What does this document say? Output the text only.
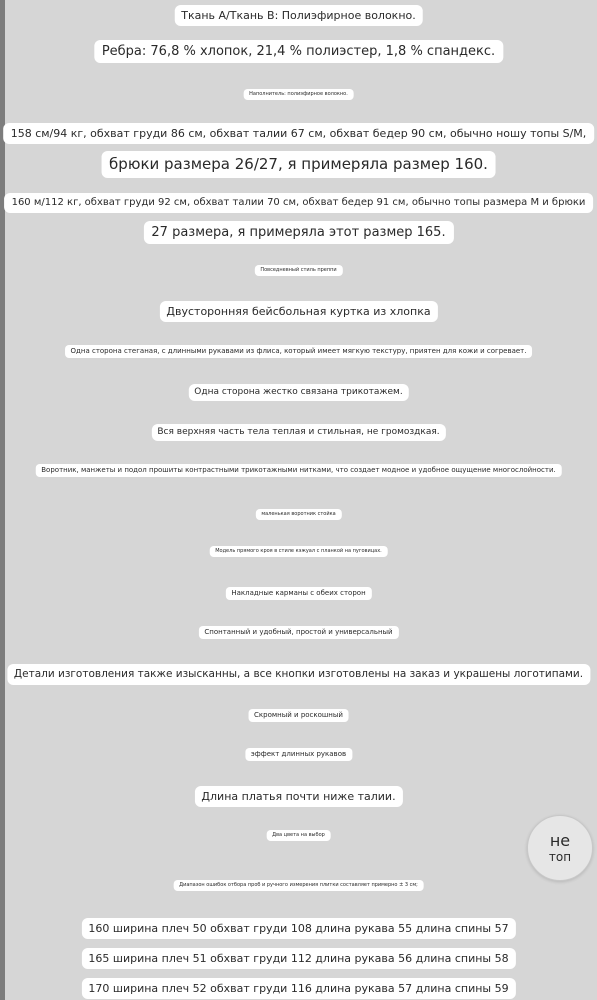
Ткань А/Ткань В: Полиэфирное волокно.
Ребра: 76,8 % хлопок, 21,4 % полиэстер, 1,8 % спандекс.
Наполнитель: полиэфирное волокно.
158 см/94 кг, обхват груди 86 см, обхват талии 67 см, обхват бедер 90 см, обычно ношу топы S/M,
брюки размера 26/27, я примеряла размер 160.
160 м/112 кг, обхват груди 92 см, обхват талии 70 см, обхват бедер 91 см, обычно топы размера M и брюки
27 размера, я примеряла этот размер 165.
Повседневный стиль преппи
Двусторонняя бейсбольная куртка из хлопка
Одна сторона стеганая, с длинными рукавами из флиса, который имеет мягкую текстуру, приятен для кожи и согревает.
Одна сторона жестко связана трикотажем.
Вся верхняя часть тела теплая и стильная, не громоздкая.
Воротник, манжеты и подол прошиты контрастными трикотажными нитками, что создает модное и удобное ощущение многослойности.
маленькая воротник стойка
Модель прямого кроя в стиле кэжуал с планкой на пуговицах.
Накладные карманы с обеих сторон
Спонтанный и удобный, простой и универсальный
Детали изготовления также изысканны, а все кнопки изготовлены на заказ и украшены логотипами.
Скромный и роскошный
эффект длинных рукавов
Длина платья почти ниже талии.
Два цвета на выбор
Диапазон ошибок отбора проб и ручного измерения плитки составляет примерно ± 3 см;
160 ширина плеч 50 обхват груди 108 длина рукава 55 длина спины 57
165 ширина плеч 51 обхват груди 112 длина рукава 56 длина спины 58
170 ширина плеч 52 обхват груди 116 длина рукава 57 длина спины 59
не
топ
